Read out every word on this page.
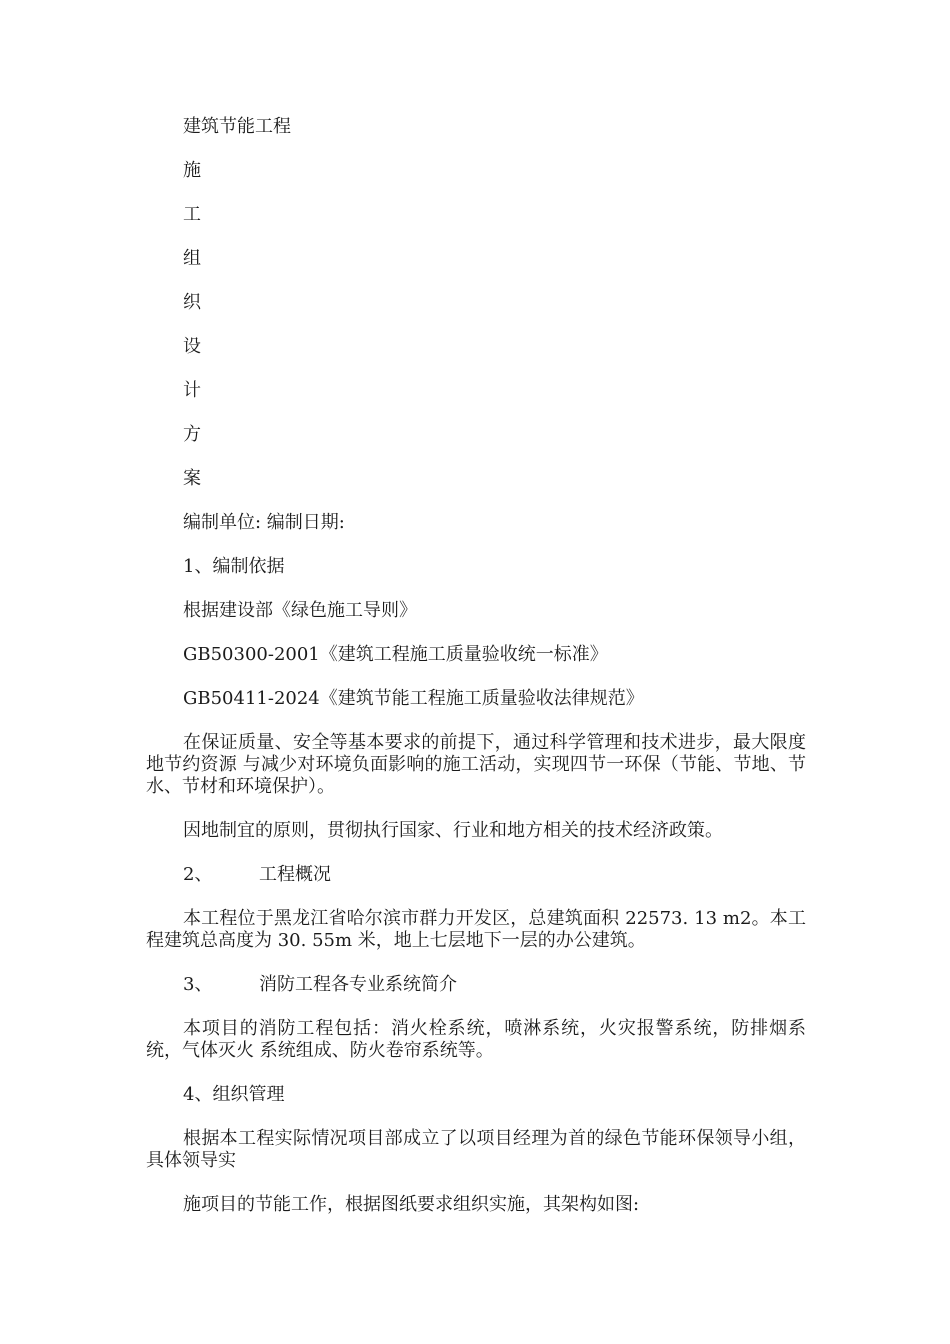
建筑节能工程
施
工
组
织
设
计
方
案
编制单位: 编制日期:
1、编制依据
根据建设部《绿色施工导则》
GB50300-2001《建筑工程施工质量验收统一标准》
GB50411-2024《建筑节能工程施工质量验收法律规范》
在保证质量、安全等基本要求的前提下，通过科学管理和技术进步，最大限度地节约资源 与减少对环境负面影响的施工活动，实现四节一环保（节能、节地、节水、节材和环境保护）。
因地制宜的原则，贯彻执行国家、行业和地方相关的技术经济政策。
2、	工程概况
本工程位于黑龙江省哈尔滨市群力开发区，总建筑面积 22573. 13 m2。本工程建筑总高度为 30. 55m 米，地上七层地下一层的办公建筑。
3、	消防工程各专业系统简介
本项目的消防工程包括：消火栓系统，喷淋系统，火灾报警系统，防排烟系统，气体灭火 系统组成、防火卷帘系统等。
4、组织管理
根据本工程实际情况项目部成立了以项目经理为首的绿色节能环保领导小组，具体领导实
施项目的节能工作，根据图纸要求组织实施，其架构如图:
